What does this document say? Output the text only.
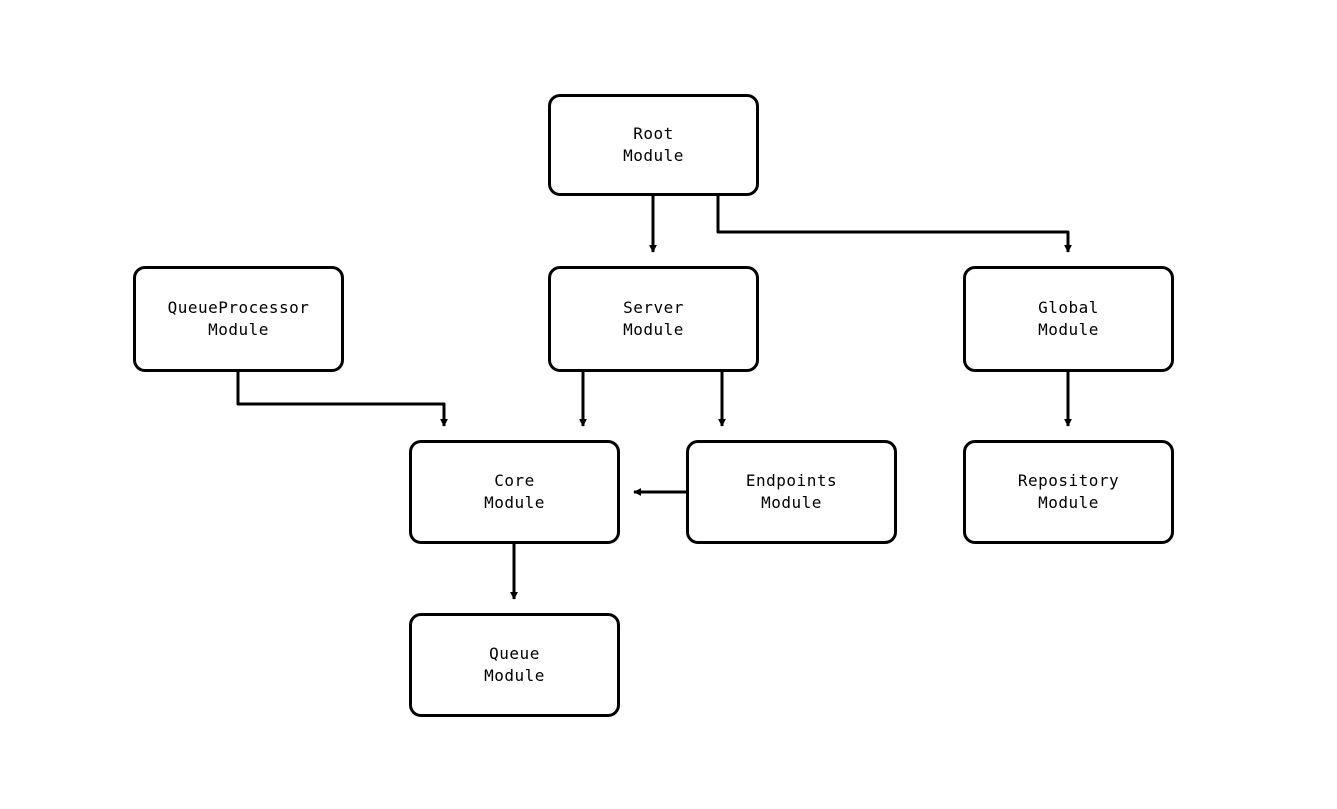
Root
Module
QueueProcessor
Module
Server
Module
Global
Module
Core
Module
Endpoints
Module
Repository
Module
Queue
Module
